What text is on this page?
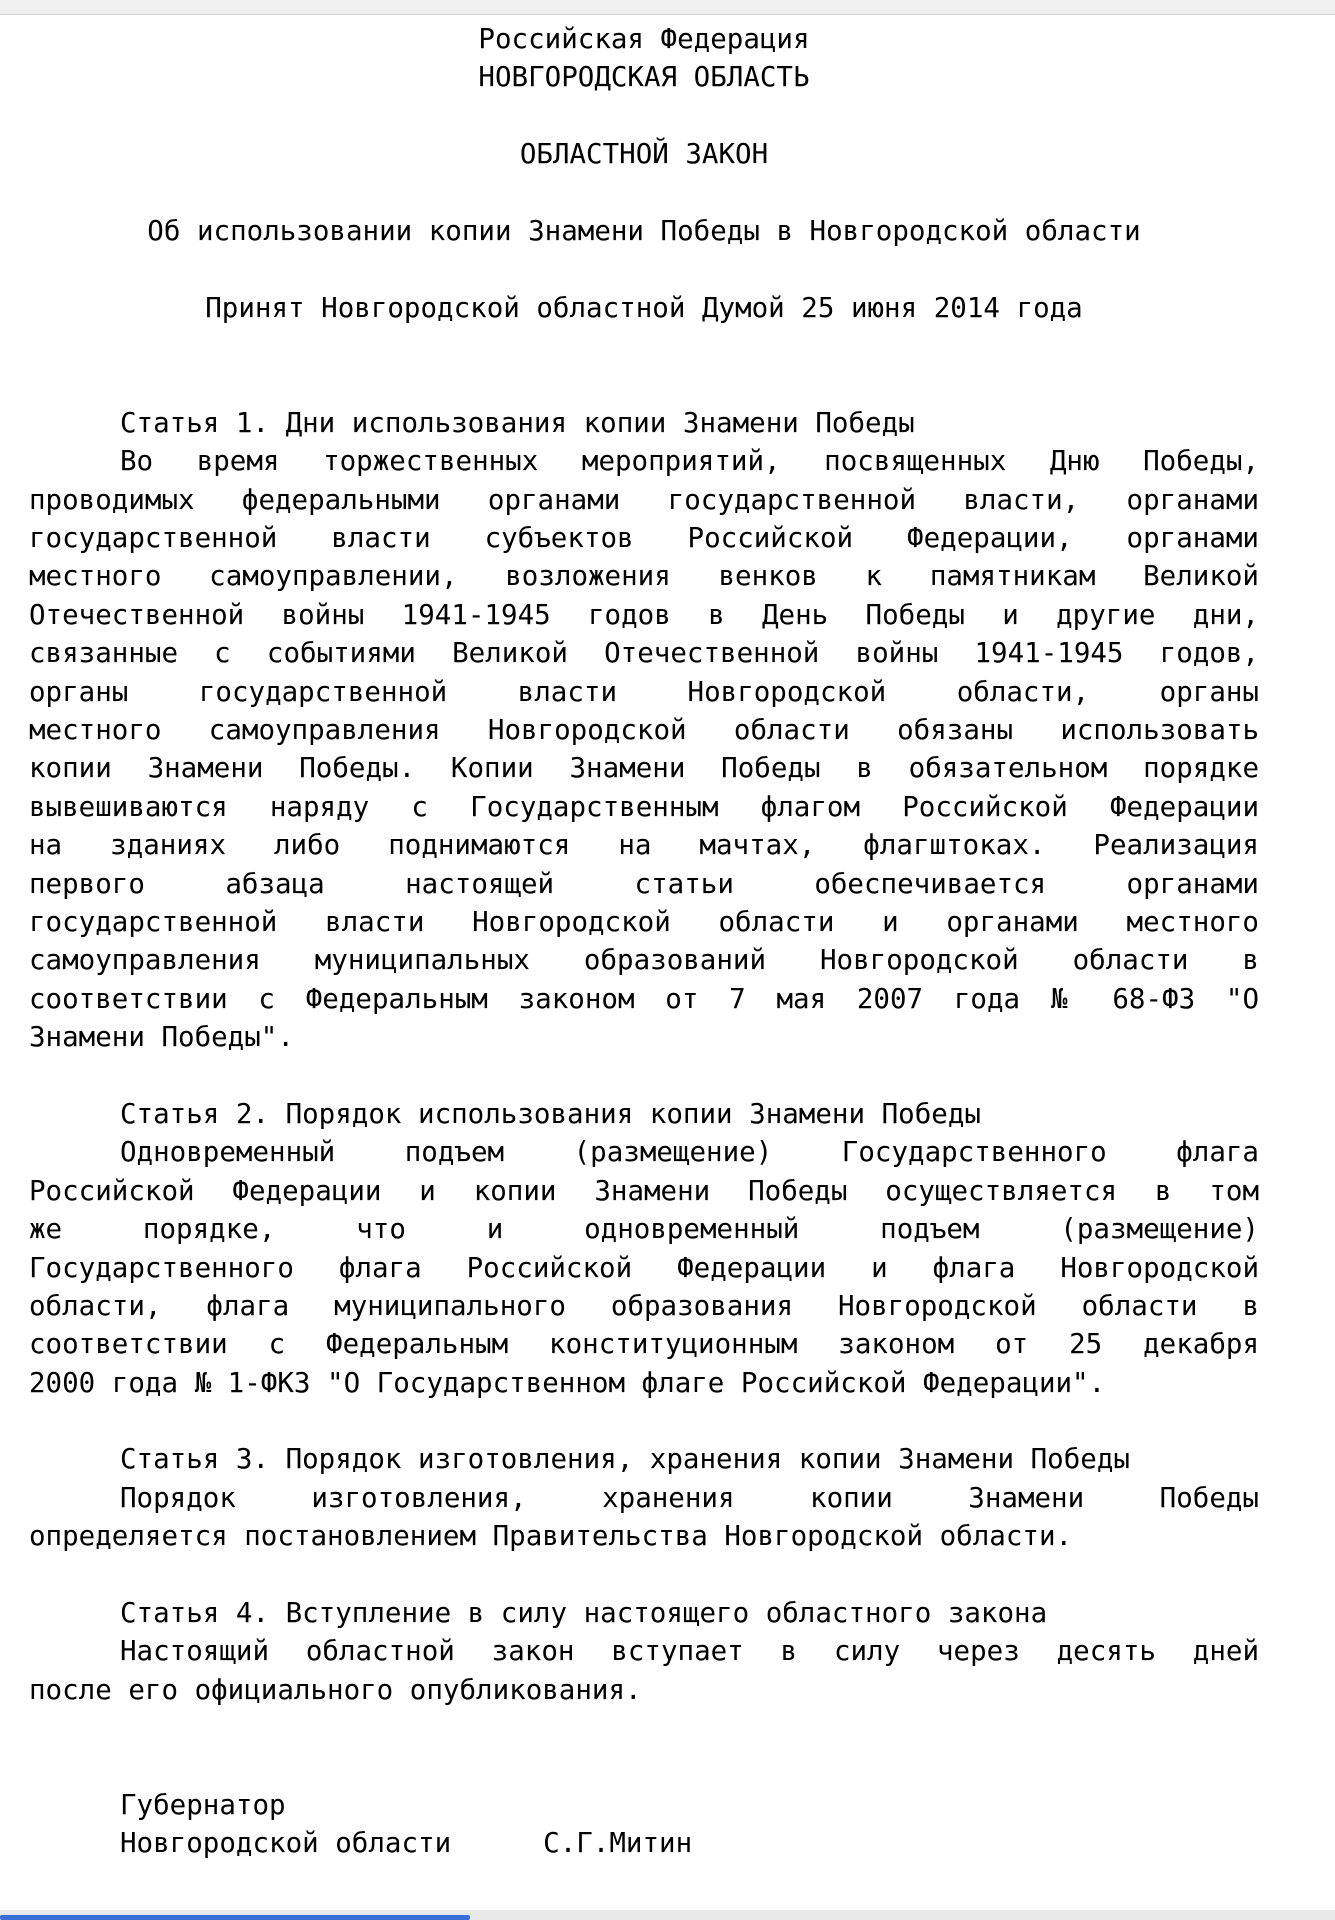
Российская Федерация
НОВГОРОДСКАЯ ОБЛАСТЬ
ОБЛАСТНОЙ ЗАКОН
Об использовании копии Знамени Победы в Новгородской области
Принят Новгородской областной Думой 25 июня 2014 года
Статья 1. Дни использования копии Знамени Победы
Во время торжественных мероприятий, посвященных Дню Победы,
проводимых федеральными органами государственной власти, органами
государственной власти субъектов Российской Федерации, органами
местного самоуправлении, возложения венков к памятникам Великой
Отечественной войны 1941-1945 годов в День Победы и другие дни,
связанные с событиями Великой Отечественной войны 1941-1945 годов,
органы государственной власти Новгородской области, органы
местного самоуправления Новгородской области обязаны использовать
копии Знамени Победы. Копии Знамени Победы в обязательном порядке
вывешиваются наряду с Государственным флагом Российской Федерации
на зданиях либо поднимаются на мачтах, флагштоках. Реализация
первого абзаца настоящей статьи обеспечивается органами
государственной власти Новгородской области и органами местного
самоуправления муниципальных образований Новгородской области в
соответствии с Федеральным законом от 7 мая 2007 года № 68-ФЗ "О
Знамени Победы".
Статья 2. Порядок использования копии Знамени Победы
Одновременный подъем (размещение) Государственного флага
Российской Федерации и копии Знамени Победы осуществляется в том
же порядке, что и одновременный подъем (размещение)
Государственного флага Российской Федерации и флага Новгородской
области, флага муниципального образования Новгородской области в
соответствии с Федеральным конституционным законом от 25 декабря
2000 года № 1-ФКЗ "О Государственном флаге Российской Федерации".
Статья 3. Порядок изготовления, хранения копии Знамени Победы
Порядок изготовления, хранения копии Знамени Победы
определяется постановлением Правительства Новгородской области.
Статья 4. Вступление в силу настоящего областного закона
Настоящий областной закон вступает в силу через десять дней
после его официального опубликования.
Губернатор
Новгородской области	С.Г.Митин
